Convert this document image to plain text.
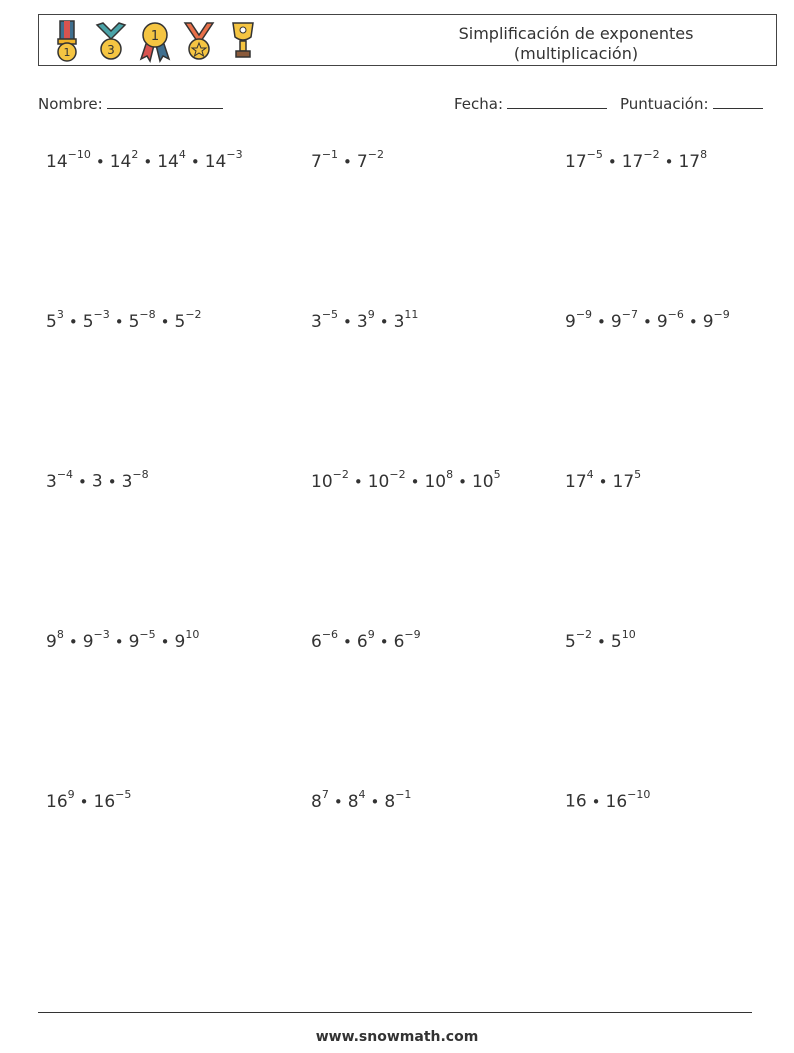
1	3
1	Simplificación de exponentes
(multiplicación)
Nombre:	Fecha:	Puntuación:
$14^{-10}$ • $14^2$ • $14^4$ • $14^{-3}$	$7^{-1}$ • $7^{-2}$	$17^{-5}$ • $17^{-2}$ • $17^8$
$5^3$ • $5^{-3}$ • $5^{-8}$ • $5^{-2}$	$3^{-5}$ • $3^9$ • $3^{11}$	$9^{-9}$ • $9^{-7}$ • $9^{-6}$ • $9^{-9}$
$3^{-4}$ • 3 • $3^{-8}$	$10^{-2}$ • $10^{-2}$ • $10^8$ • $10^5$	$17^4$ • $17^5$
$9^8$ • $9^{-3}$ • $9^{-5}$ • $9^{10}$	$6^{-6}$ • $6^9$ • $6^{-9}$	$5^{-2}$ • $5^{10}$
$16^9$ • $16^{-5}$	$8^7$ • $8^4$ • $8^{-1}$	16 • $16^{-10}$
www.snowmath.com
